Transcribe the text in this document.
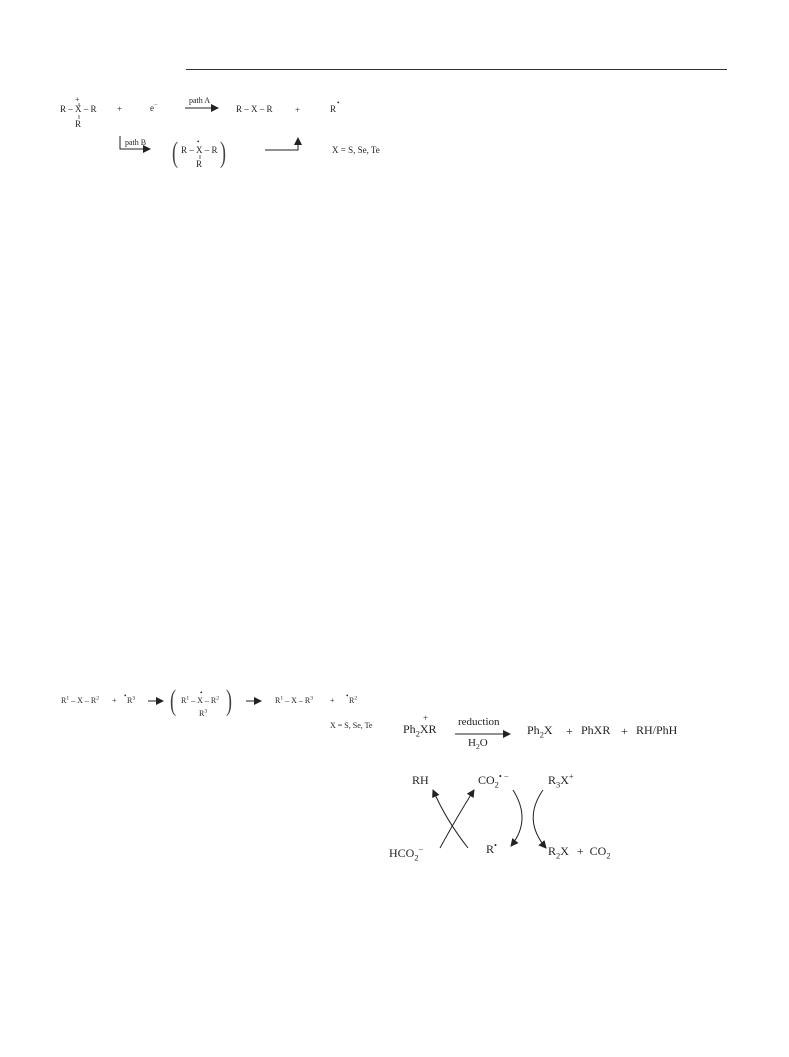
+
R – X – R
R
+	e−
path A
R – X – R +	R
•
path B (	•
R – X – R
R )	X = S, Se, Te
$R^1$ – X – $R^2$ + • $R^3$ (	•
$R^1$ – X – $R^2$
$R^3$ )	$R^1$ – X – $R^3$ + • $R^2$
X = S, Se, Te
+
$Ph_2XR$ reduction
$H_2O$
$Ph_2X$ + PhXR + RH/PhH
RH	$CO_2^{• -}$	$R_3X^+$
$HCO_2^-$	R•	$R_2X + CO_2$
